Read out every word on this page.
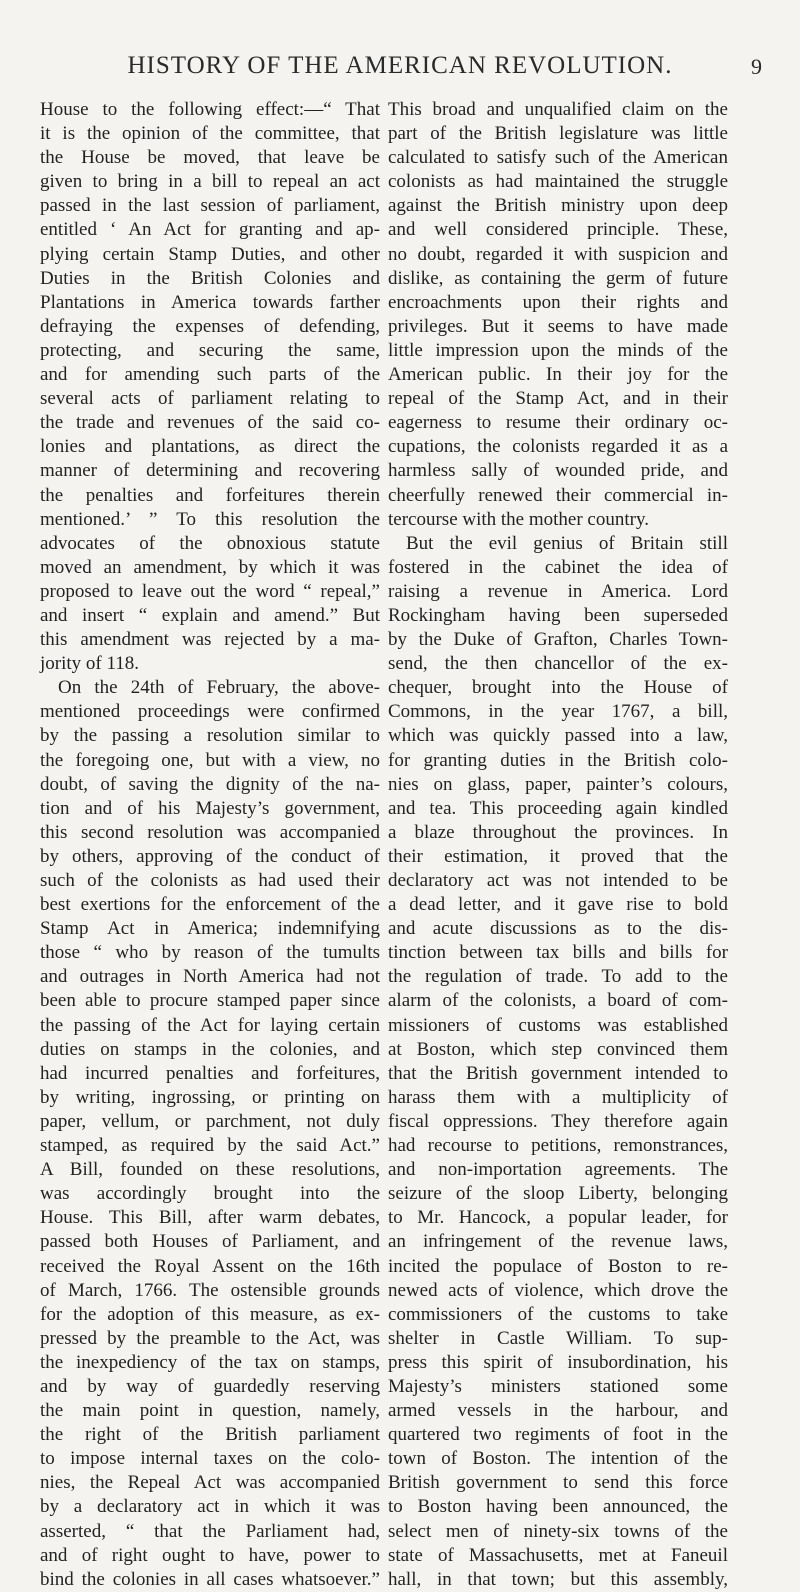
HISTORY OF THE AMERICAN REVOLUTION.	9
House to the following effect:—“ That
it is the opinion of the committee, that
the House be moved, that leave be
given to bring in a bill to repeal an act
passed in the last session of parliament,
entitled ‘ An Act for granting and ap-
plying certain Stamp Duties, and other
Duties in the British Colonies and
Plantations in America towards farther
defraying the expenses of defending,
protecting, and securing the same,
and for amending such parts of the
several acts of parliament relating to
the trade and revenues of the said co-
lonies and plantations, as direct the
manner of determining and recovering
the penalties and forfeitures therein
mentioned.’ ” To this resolution the
advocates of the obnoxious statute
moved an amendment, by which it was
proposed to leave out the word “ repeal,”
and insert “ explain and amend.” But
this amendment was rejected by a ma-
jority of 118.
On the 24th of February, the above-
mentioned proceedings were confirmed
by the passing a resolution similar to
the foregoing one, but with a view, no
doubt, of saving the dignity of the na-
tion and of his Majesty’s government,
this second resolution was accompanied
by others, approving of the conduct of
such of the colonists as had used their
best exertions for the enforcement of the
Stamp Act in America; indemnifying
those “ who by reason of the tumults
and outrages in North America had not
been able to procure stamped paper since
the passing of the Act for laying certain
duties on stamps in the colonies, and
had incurred penalties and forfeitures,
by writing, ingrossing, or printing on
paper, vellum, or parchment, not duly
stamped, as required by the said Act.”
A Bill, founded on these resolutions,
was accordingly brought into the
House. This Bill, after warm debates,
passed both Houses of Parliament, and
received the Royal Assent on the 16th
of March, 1766. The ostensible grounds
for the adoption of this measure, as ex-
pressed by the preamble to the Act, was
the inexpediency of the tax on stamps,
and by way of guardedly reserving
the main point in question, namely,
the right of the British parliament
to impose internal taxes on the colo-
nies, the Repeal Act was accompanied
by a declaratory act in which it was
asserted, “ that the Parliament had,
and of right ought to have, power to
bind the colonies in all cases whatsoever.”
This broad and unqualified claim on the
part of the British legislature was little
calculated to satisfy such of the American
colonists as had maintained the struggle
against the British ministry upon deep
and well considered principle. These,
no doubt, regarded it with suspicion and
dislike, as containing the germ of future
encroachments upon their rights and
privileges. But it seems to have made
little impression upon the minds of the
American public. In their joy for the
repeal of the Stamp Act, and in their
eagerness to resume their ordinary oc-
cupations, the colonists regarded it as a
harmless sally of wounded pride, and
cheerfully renewed their commercial in-
tercourse with the mother country.
But the evil genius of Britain still
fostered in the cabinet the idea of
raising a revenue in America. Lord
Rockingham having been superseded
by the Duke of Grafton, Charles Town-
send, the then chancellor of the ex-
chequer, brought into the House of
Commons, in the year 1767, a bill,
which was quickly passed into a law,
for granting duties in the British colo-
nies on glass, paper, painter’s colours,
and tea. This proceeding again kindled
a blaze throughout the provinces. In
their estimation, it proved that the
declaratory act was not intended to be
a dead letter, and it gave rise to bold
and acute discussions as to the dis-
tinction between tax bills and bills for
the regulation of trade. To add to the
alarm of the colonists, a board of com-
missioners of customs was established
at Boston, which step convinced them
that the British government intended to
harass them with a multiplicity of
fiscal oppressions. They therefore again
had recourse to petitions, remonstrances,
and non-importation agreements. The
seizure of the sloop Liberty, belonging
to Mr. Hancock, a popular leader, for
an infringement of the revenue laws,
incited the populace of Boston to re-
newed acts of violence, which drove the
commissioners of the customs to take
shelter in Castle William. To sup-
press this spirit of insubordination, his
Majesty’s ministers stationed some
armed vessels in the harbour, and
quartered two regiments of foot in the
town of Boston. The intention of the
British government to send this force
to Boston having been announced, the
select men of ninety-six towns of the
state of Massachusetts, met at Faneuil
hall, in that town; but this assembly,
